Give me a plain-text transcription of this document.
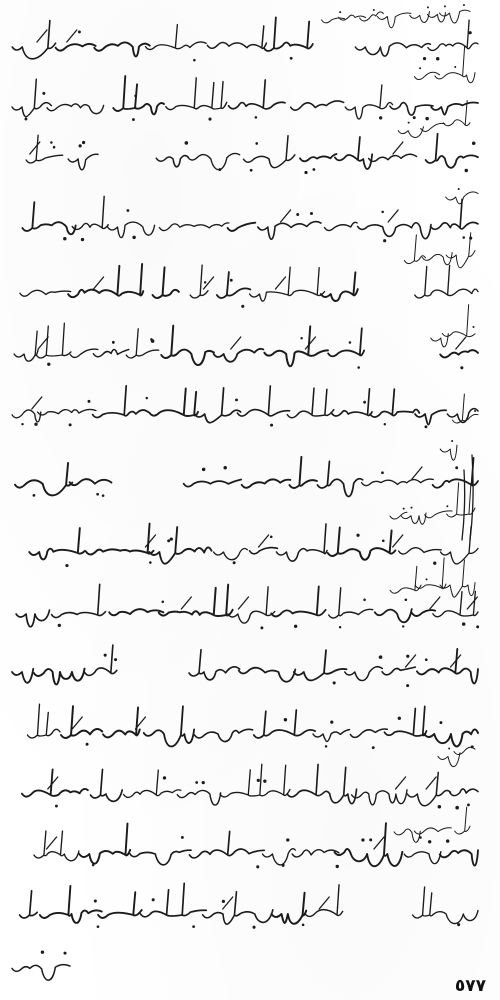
٥٧٧
